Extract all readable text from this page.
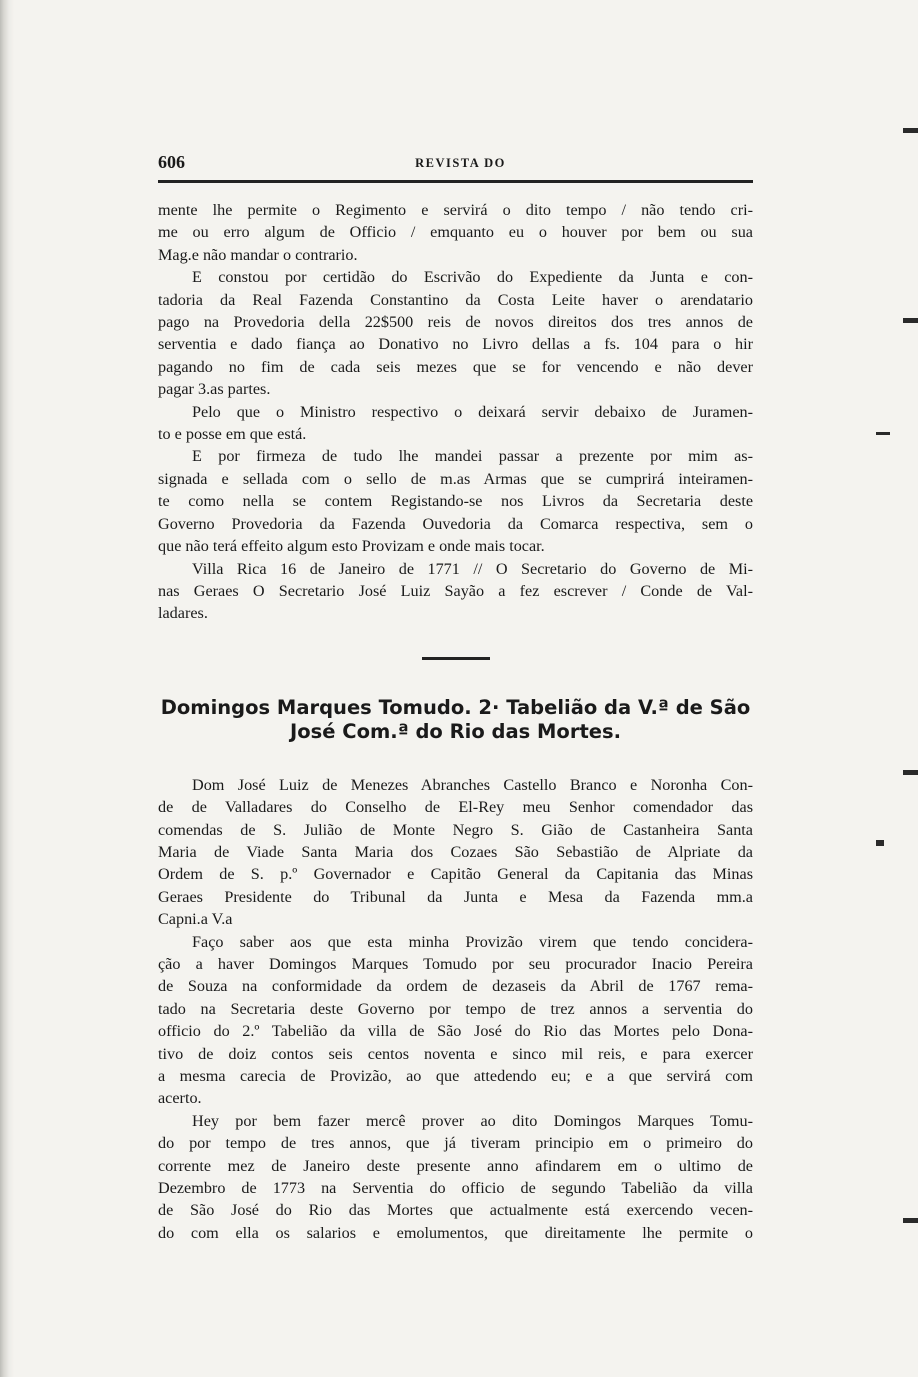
606	REVISTA DO

mente lhe permite o Regimento e servirá o dito tempo / não tendo cri-
me ou erro algum de Officio / emquanto eu o houver por bem ou sua
Mag.e não mandar o contrario.

E constou por certidão do Escrivão do Expediente da Junta e con-
tadoria da Real Fazenda Constantino da Costa Leite haver o arendatario
pago na Provedoria della 22$500 reis de novos direitos dos tres annos de
serventia e dado fiança ao Donativo no Livro dellas a fs. 104 para o hir
pagando no fim de cada seis mezes que se for vencendo e não dever
pagar 3.as partes.

Pelo que o Ministro respectivo o deixará servir debaixo de Juramen-
to e posse em que está.

E por firmeza de tudo lhe mandei passar a prezente por mim as-
signada e sellada com o sello de m.as Armas que se cumprirá inteiramen-
te como nella se contem Registando-se nos Livros da Secretaria deste
Governo Provedoria da Fazenda Ouvedoria da Comarca respectiva, sem o
que não terá effeito algum esto Provizam e onde mais tocar.

Villa Rica 16 de Janeiro de 1771 // O Secretario do Governo de Mi-
nas Geraes O Secretario José Luiz Sayão a fez escrever / Conde de Val-
ladares.

Domingos Marques Tomudo. 2· Tabelião da V.ª de São
José Com.ª do Rio das Mortes.

Dom José Luiz de Menezes Abranches Castello Branco e Noronha Con-
de de Valladares do Conselho de El-Rey meu Senhor comendador das
comendas de S. Julião de Monte Negro S. Gião de Castanheira Santa
Maria de Viade Santa Maria dos Cozaes São Sebastião de Alpriate da
Ordem de S. p.º Governador e Capitão General da Capitania das Minas
Geraes Presidente do Tribunal da Junta e Mesa da Fazenda mm.a
Capni.a V.a

Faço saber aos que esta minha Provizão virem que tendo concidera-
ção a haver Domingos Marques Tomudo por seu procurador Inacio Pereira
de Souza na conformidade da ordem de dezaseis da Abril de 1767 rema-
tado na Secretaria deste Governo por tempo de trez annos a serventia do
officio do 2.º Tabelião da villa de São José do Rio das Mortes pelo Dona-
tivo de doiz contos seis centos noventa e sinco mil reis, e para exercer
a mesma carecia de Provizão, ao que attedendo eu; e a que servirá com
acerto.

Hey por bem fazer mercê prover ao dito Domingos Marques Tomu-
do por tempo de tres annos, que já tiveram principio em o primeiro do
corrente mez de Janeiro deste presente anno afindarem em o ultimo de
Dezembro de 1773 na Serventia do officio de segundo Tabelião da villa
de São José do Rio das Mortes que actualmente está exercendo vecen-
do com ella os salarios e emolumentos, que direitamente lhe permite o
